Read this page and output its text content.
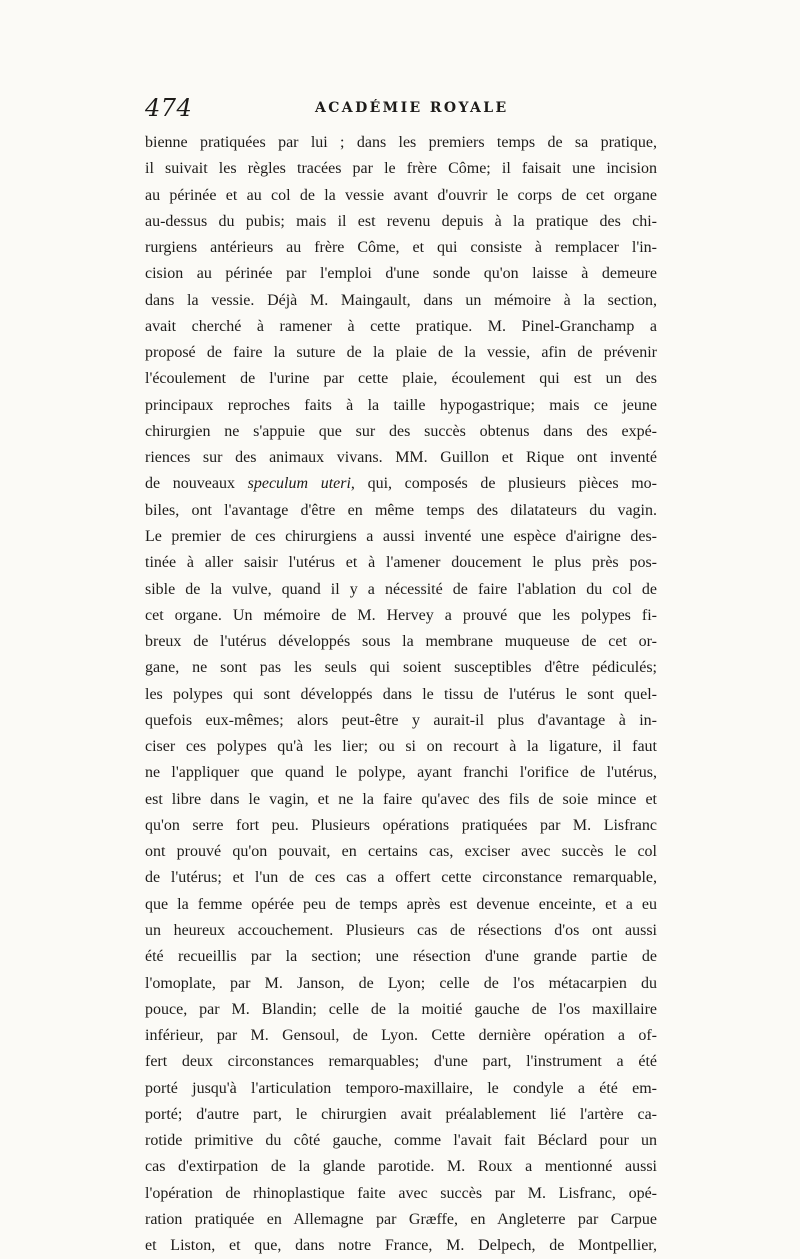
474	ACADÉMIE ROYALE
bienne pratiquées par lui ; dans les premiers temps de sa pratique,
il suivait les règles tracées par le frère Côme; il faisait une incision
au périnée et au col de la vessie avant d'ouvrir le corps de cet organe
au-dessus du pubis; mais il est revenu depuis à la pratique des chi-
rurgiens antérieurs au frère Côme, et qui consiste à remplacer l'in-
cision au périnée par l'emploi d'une sonde qu'on laisse à demeure
dans la vessie. Déjà M. Maingault, dans un mémoire à la section,
avait cherché à ramener à cette pratique. M. Pinel-Granchamp a
proposé de faire la suture de la plaie de la vessie, afin de prévenir
l'écoulement de l'urine par cette plaie, écoulement qui est un des
principaux reproches faits à la taille hypogastrique; mais ce jeune
chirurgien ne s'appuie que sur des succès obtenus dans des expé-
riences sur des animaux vivans. MM. Guillon et Rique ont inventé
de nouveaux speculum uteri, qui, composés de plusieurs pièces mo-
biles, ont l'avantage d'être en même temps des dilatateurs du vagin.
Le premier de ces chirurgiens a aussi inventé une espèce d'airigne des-
tinée à aller saisir l'utérus et à l'amener doucement le plus près pos-
sible de la vulve, quand il y a nécessité de faire l'ablation du col de
cet organe. Un mémoire de M. Hervey a prouvé que les polypes fi-
breux de l'utérus développés sous la membrane muqueuse de cet or-
gane, ne sont pas les seuls qui soient susceptibles d'être pédiculés;
les polypes qui sont développés dans le tissu de l'utérus le sont quel-
quefois eux-mêmes; alors peut-être y aurait-il plus d'avantage à in-
ciser ces polypes qu'à les lier; ou si on recourt à la ligature, il faut
ne l'appliquer que quand le polype, ayant franchi l'orifice de l'utérus,
est libre dans le vagin, et ne la faire qu'avec des fils de soie mince et
qu'on serre fort peu. Plusieurs opérations pratiquées par M. Lisfranc
ont prouvé qu'on pouvait, en certains cas, exciser avec succès le col
de l'utérus; et l'un de ces cas a offert cette circonstance remarquable,
que la femme opérée peu de temps après est devenue enceinte, et a eu
un heureux accouchement. Plusieurs cas de résections d'os ont aussi
été recueillis par la section; une résection d'une grande partie de
l'omoplate, par M. Janson, de Lyon; celle de l'os métacarpien du
pouce, par M. Blandin; celle de la moitié gauche de l'os maxillaire
inférieur, par M. Gensoul, de Lyon. Cette dernière opération a of-
fert deux circonstances remarquables; d'une part, l'instrument a été
porté jusqu'à l'articulation temporo-maxillaire, le condyle a été em-
porté; d'autre part, le chirurgien avait préalablement lié l'artère ca-
rotide primitive du côté gauche, comme l'avait fait Béclard pour un
cas d'extirpation de la glande parotide. M. Roux a mentionné aussi
l'opération de rhinoplastique faite avec succès par M. Lisfranc, opé-
ration pratiquée en Allemagne par Græffe, en Angleterre par Carpue
et Liston, et que, dans notre France, M. Delpech, de Montpellier,
